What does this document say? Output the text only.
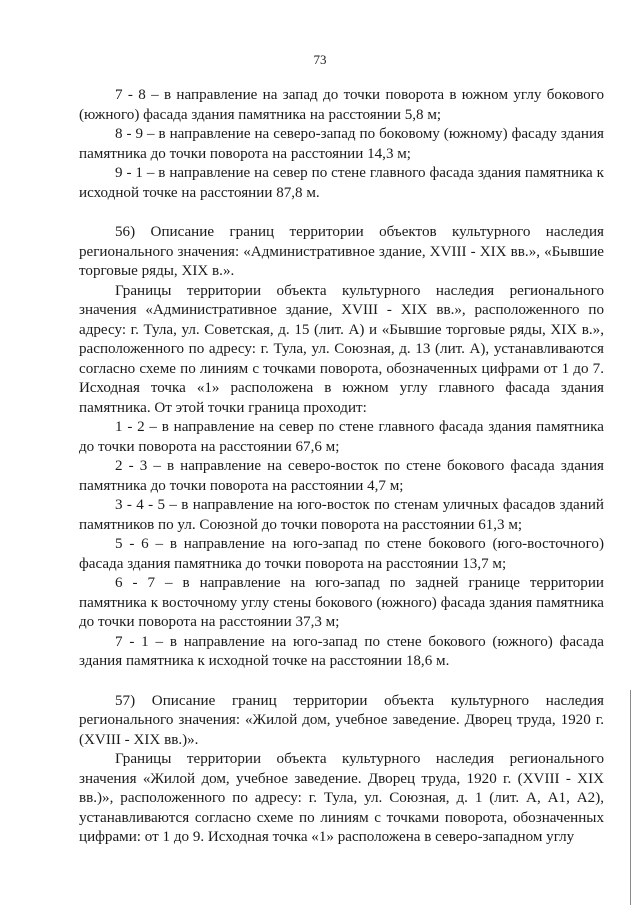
73

7 - 8 – в направление на запад до точки поворота в южном углу бокового (южного) фасада здания памятника на расстоянии 5,8 м;

8 - 9 – в направление на северо-запад по боковому (южному) фасаду здания памятника до точки поворота на расстоянии 14,3 м;

9 - 1 – в направление на север по стене главного фасада здания памятника к исходной точке на расстоянии 87,8 м.

56) Описание границ территории объектов культурного наследия регионального значения: «Административное здание, XVIII - XIX вв.», «Бывшие торговые ряды, XIX в.».

Границы территории объекта культурного наследия регионального значения «Административное здание, XVIII - XIX вв.», расположенного по адресу: г. Тула, ул. Советская, д. 15 (лит. А) и «Бывшие торговые ряды, XIX в.», расположенного по адресу: г. Тула, ул. Союзная, д. 13 (лит. А), устанавливаются согласно схеме по линиям с точками поворота, обозначенных цифрами от 1 до 7. Исходная точка «1» расположена в южном углу главного фасада здания памятника. От этой точки граница проходит:

1 - 2 – в направление на север по стене главного фасада здания памятника до точки поворота на расстоянии 67,6 м;

2 - 3 – в направление на северо-восток по стене бокового фасада здания памятника до точки поворота на расстоянии 4,7 м;

3 - 4 - 5 – в направление на юго-восток по стенам уличных фасадов зданий памятников по ул. Союзной до точки поворота на расстоянии 61,3 м;

5 - 6 – в направление на юго-запад по стене бокового (юго-восточного) фасада здания памятника до точки поворота на расстоянии 13,7 м;

6 - 7 – в направление на юго-запад по задней границе территории памятника к восточному углу стены бокового (южного) фасада здания памятника до точки поворота на расстоянии 37,3 м;

7 - 1 – в направление на юго-запад по стене бокового (южного) фасада здания памятника к исходной точке на расстоянии 18,6 м.

57) Описание границ территории объекта культурного наследия регионального значения: «Жилой дом, учебное заведение. Дворец труда, 1920 г. (XVIII - XIX вв.)».

Границы территории объекта культурного наследия регионального значения «Жилой дом, учебное заведение. Дворец труда, 1920 г. (XVIII - XIX вв.)», расположенного по адресу: г. Тула, ул. Союзная, д. 1 (лит. А, А1, А2), устанавливаются согласно схеме по линиям с точками поворота, обозначенных цифрами: от 1 до 9. Исходная точка «1» расположена в северо-западном углу
